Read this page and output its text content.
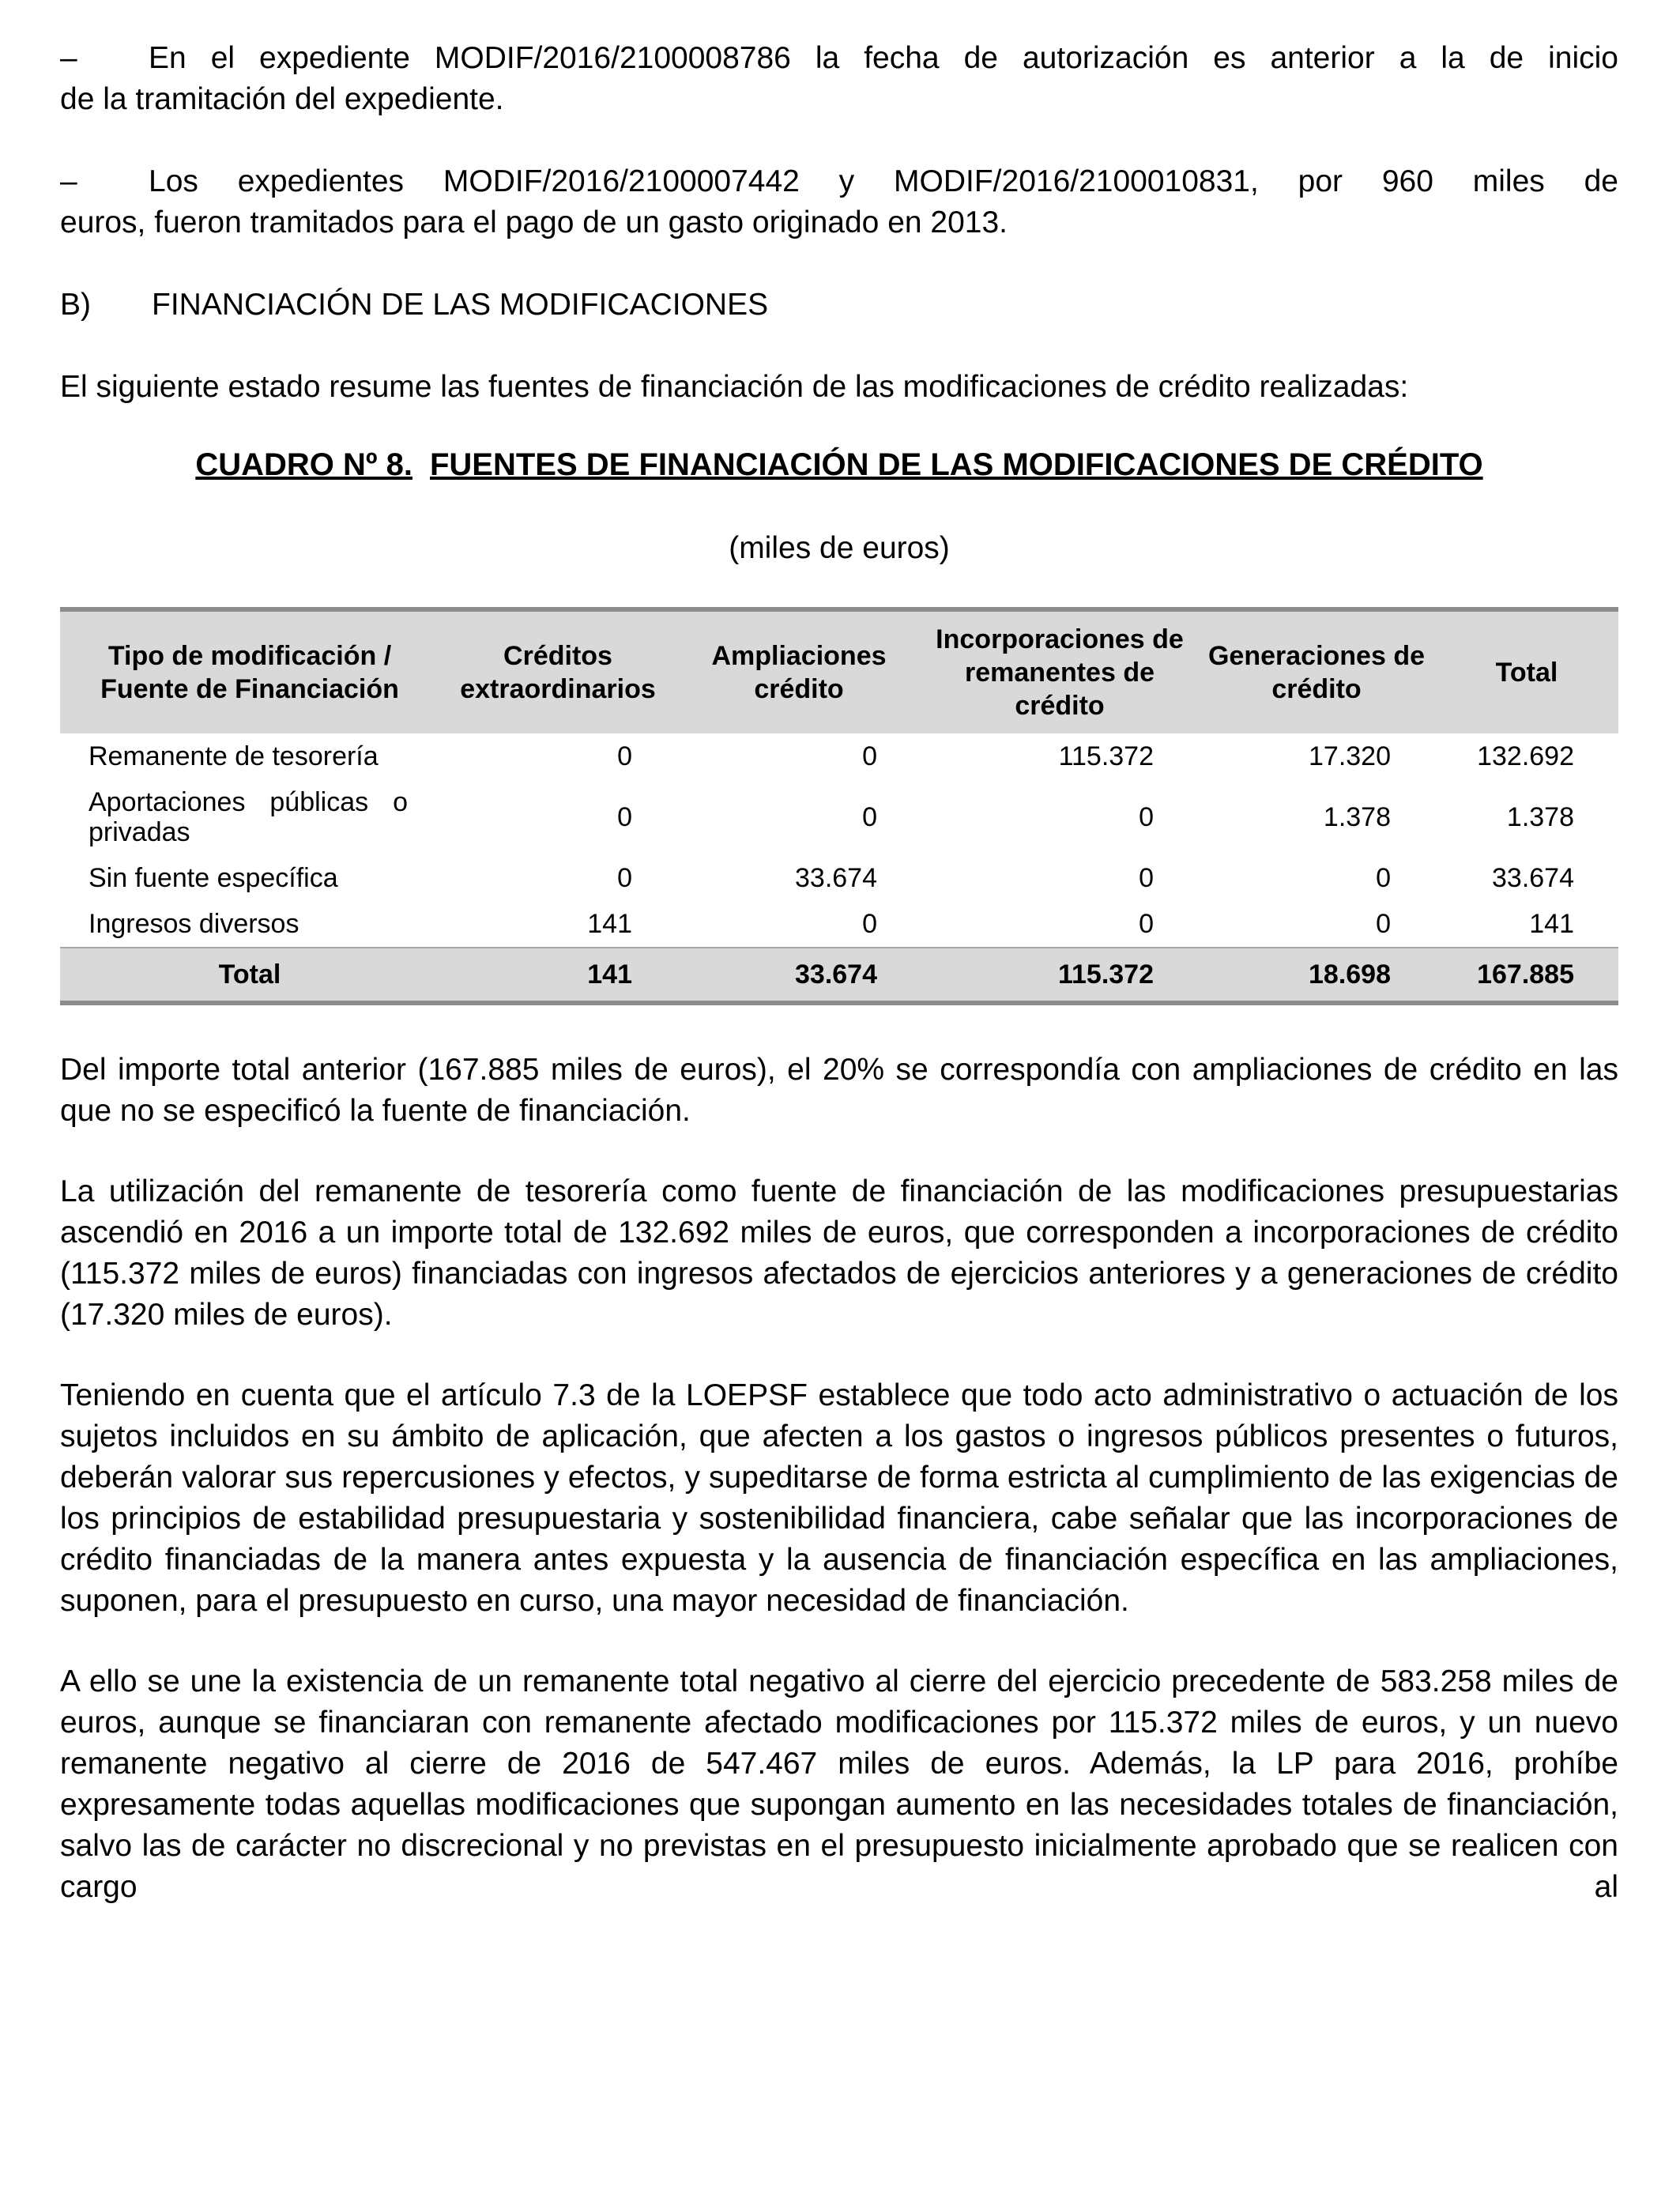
–	En el expediente MODIF/2016/2100008786 la fecha de autorización es anterior a la de inicio

de la tramitación del expediente.

–	Los expedientes MODIF/2016/2100007442 y MODIF/2016/2100010831, por 960 miles de

euros, fueron tramitados para el pago de un gasto originado en 2013.

B)	FINANCIACIÓN DE LAS MODIFICACIONES

El siguiente estado resume las fuentes de financiación de las modificaciones de crédito realizadas:

CUADRO Nº 8. FUENTES DE FINANCIACIÓN DE LAS MODIFICACIONES DE CRÉDITO
(miles de euros)
Tipo de modificación / Fuente de Financiación	Créditos extraordinarios	Ampliaciones crédito	Incorporaciones de remanentes de crédito	Generaciones de crédito	Total
Remanente de tesorería	0	0	115.372	17.320	132.692
Aportaciones públicas o privadas	0	0	0	1.378	1.378
Sin fuente específica	0	33.674	0	0	33.674
Ingresos diversos	141	0	0	0	141
Total	141	33.674	115.372	18.698	167.885

Del importe total anterior (167.885 miles de euros), el 20% se correspondía con ampliaciones de crédito en las que no se especificó la fuente de financiación.

La utilización del remanente de tesorería como fuente de financiación de las modificaciones presupuestarias ascendió en 2016 a un importe total de 132.692 miles de euros, que corresponden a incorporaciones de crédito (115.372 miles de euros) financiadas con ingresos afectados de ejercicios anteriores y a generaciones de crédito (17.320 miles de euros).

Teniendo en cuenta que el artículo 7.3 de la LOEPSF establece que todo acto administrativo o actuación de los sujetos incluidos en su ámbito de aplicación, que afecten a los gastos o ingresos públicos presentes o futuros, deberán valorar sus repercusiones y efectos, y supeditarse de forma estricta al cumplimiento de las exigencias de los principios de estabilidad presupuestaria y sostenibilidad financiera, cabe señalar que las incorporaciones de crédito financiadas de la manera antes expuesta y la ausencia de financiación específica en las ampliaciones, suponen, para el presupuesto en curso, una mayor necesidad de financiación.

A ello se une la existencia de un remanente total negativo al cierre del ejercicio precedente de 583.258 miles de euros, aunque se financiaran con remanente afectado modificaciones por 115.372 miles de euros, y un nuevo remanente negativo al cierre de 2016 de 547.467 miles de euros. Además, la LP para 2016, prohíbe expresamente todas aquellas modificaciones que supongan aumento en las necesidades totales de financiación, salvo las de carácter no discrecional y no previstas en el presupuesto inicialmente aprobado que se realicen con cargo al
